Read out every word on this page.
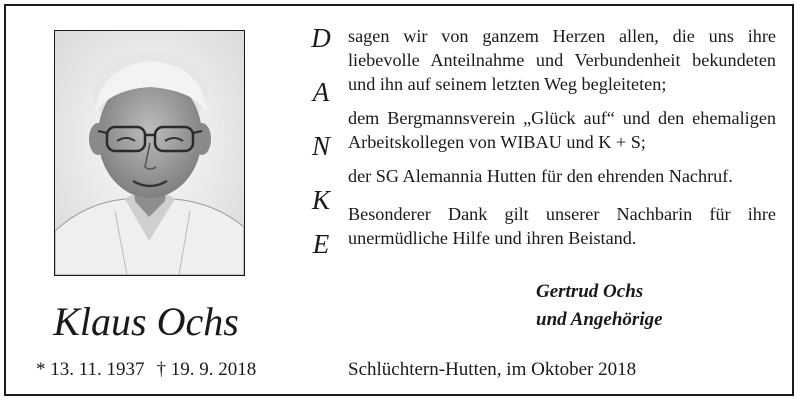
Klaus Ochs
* 13. 11. 1937 † 19. 9. 2018
D
A
N
K
E

sagen wir von ganzem Herzen allen, die uns ihre liebevolle Anteilnahme und Verbundenheit bekundeten und ihn auf seinem letzten Weg begleiteten;

dem Bergmannsverein „Glück auf“ und den ehemaligen Arbeitskollegen von WIBAU und K + S;

der SG Alemannia Hutten für den ehrenden Nachruf.

Besonderer Dank gilt unserer Nachbarin für ihre unermüdliche Hilfe und ihren Beistand.

Gertrud Ochs
und Angehörige
Schlüchtern-Hutten, im Oktober 2018
